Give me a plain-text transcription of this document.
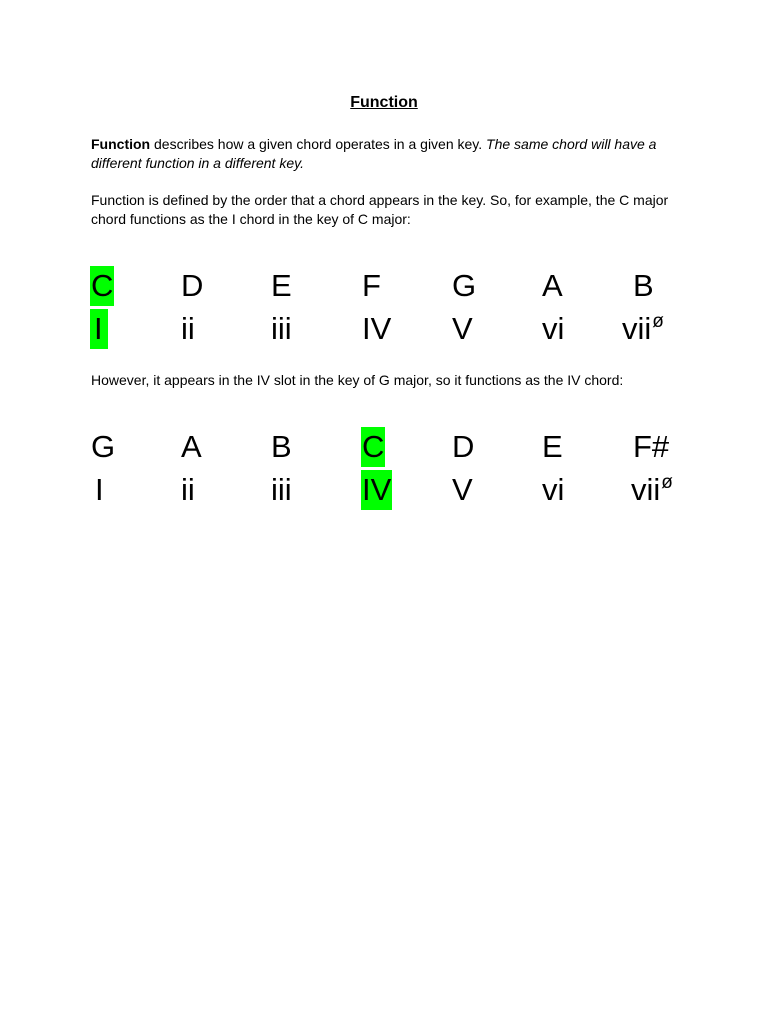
Function
Function describes how a given chord operates in a given key. The same chord will have a different function in a different key.
Function is defined by the order that a chord appears in the key. So, for example, the C major chord functions as the I chord in the key of C major:
C D E F G A B
I	ii iii IV V vi vii$^ø$
However, it appears in the IV slot in the key of G major, so it functions as the IV chord:
G A B C D E F#
I ii iii IV V vi vii$^ø$
